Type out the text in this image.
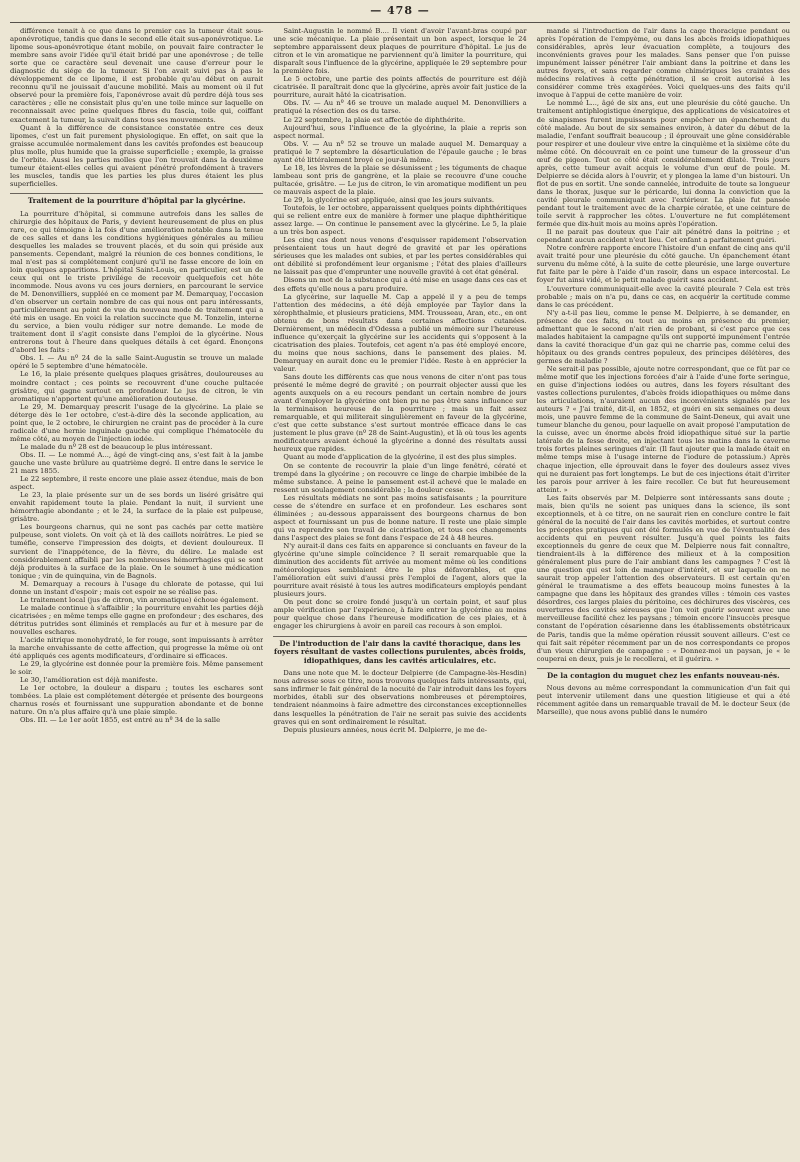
— 478 —

différence tenait à ce que dans le premier cas la tumeur était sous-aponévrotique, tandis que dans le second elle était sus-aponévrotique. Le lipome sous-aponévrotique étant mobile, on pouvait faire contracter le membre sans avoir l'idée qu'il était bridé par une aponévrose ; de telle sorte que ce caractère seul devenait une cause d'erreur pour le diagnostic du siége de la tumeur. Si l'on avait suivi pas à pas le développement de ce lipome, il est probable qu'au début on aurait reconnu qu'il ne jouissait d'aucune mobilité. Mais au moment où il fut observé pour la première fois, l'aponévrose avait dû perdre déjà tous ses caractères ; elle ne consistait plus qu'en une toile mince sur laquelle on reconnaissait avec peine quelques fibres du fascia, toile qui, coiffant exactement la tumeur, la suivait dans tous ses mouvements.

Quant à la différence de consistance constatée entre ces deux lipomes, c'est un fait purement physiologique. En effet, on sait que la graisse accumulée normalement dans les cavités profondes est beaucoup plus molle, plus humide que la graisse superficielle ; exemple, la graisse de l'orbite. Aussi les parties molles que l'on trouvait dans la deuxième tumeur étaient-elles celles qui avaient pénétré profondément à travers les muscles, tandis que les parties les plus dures étaient les plus superficielles.

Traitement de la pourriture d'hôpital par la glycérine.

La pourriture d'hôpital, si commune autrefois dans les salles de chirurgie des hôpitaux de Paris, y devient heureusement de plus en plus rare, ce qui témoigne à la fois d'une amélioration notable dans la tenue de ces salles et dans les conditions hygiéniques générales au milieu desquelles les malades se trouvent placés, et du soin qui préside aux pansements. Cependant, malgré la réunion de ces bonnes conditions, le mal n'est pas si complétement conjuré qu'il ne fasse encore de loin en loin quelques apparitions. L'hôpital Saint-Louis, en particulier, est un de ceux qui ont le triste privilége de recevoir quelquefois cet hôte incommode. Nous avons vu ces jours derniers, en parcourant le service de M. Denonvilliers, suppléé en ce moment par M. Demarquay, l'occasion d'en observer un certain nombre de cas qui nous ont paru intéressants, particulièrement au point de vue du nouveau mode de traitement qui a été mis en usage. En voici la relation succincte que M. Tonzelin, interne du service, a bien voulu rédiger sur notre demande. Le mode de traitement dont il s'agit consiste dans l'emploi de la glycérine. Nous entrerons tout à l'heure dans quelques détails à cet égard. Énonçons d'abord les faits :

Obs. I. — Au nº 24 de la salle Saint-Augustin se trouve un malade opéré le 5 septembre d'une hématocèle.

Le 16, la plaie présente quelques plaques grisâtres, douloureuses au moindre contact ; ces points se recouvrent d'une couche pultacée grisâtre, qui gagne surtout en profondeur. Le jus de citron, le vin aromatique n'apportent qu'une amélioration douteuse.

Le 29, M. Demarquay prescrit l'usage de la glycérine. La plaie se déterge dès le 1er octobre, c'est-à-dire dès la seconde application, au point que, le 2 octobre, le chirurgien ne craint pas de procéder à la cure radicale d'une hernie inguinale gauche qui complique l'hématocèle du même côté, au moyen de l'injection iodée.

Le malade du nº 28 est de beaucoup le plus intéressant.

Obs. II. — Le nommé A..., âgé de vingt-cinq ans, s'est fait à la jambe gauche une vaste brûlure au quatrième degré. Il entre dans le service le 21 mars 1855.

Le 22 septembre, il reste encore une plaie assez étendue, mais de bon aspect.

Le 23, la plaie présente sur un de ses bords un liséré grisâtre qui envahit rapidement toute la plaie. Pendant la nuit, il survient une hémorrhagie abondante ; et le 24, la surface de la plaie est pulpeuse, grisâtre.

Les bourgeons charnus, qui ne sont pas cachés par cette matière pulpeuse, sont violets. On voit çà et là des caillots noirâtres. Le pied se tuméfie, conserve l'impression des doigts, et devient douloureux. Il survient de l'inappétence, de la fièvre, du délire. Le malade est considérablement affaibli par les nombreuses hémorrhagies qui se sont déjà produites à la surface de la plaie. On le soumet à une médication tonique ; vin de quinquina, vin de Bagnols.

M. Demarquay a recours à l'usage du chlorate de potasse, qui lui donne un instant d'espoir ; mais cet espoir ne se réalise pas.

Le traitement local (jus de citron, vin aromatique) échoue également.

Le malade continue à s'affaiblir ; la pourriture envahit les parties déjà cicatrisées ; en même temps elle gagne en profondeur ; des eschares, des détritus putrides sont éliminés et remplacés au fur et à mesure par de nouvelles eschares.

L'acide nitrique monohydraté, le fer rouge, sont impuissants à arrêter la marche envahissante de cette affection, qui progresse la même où ont été appliqués ces agents modificateurs, d'ordinaire si efficaces.

Le 29, la glycérine est donnée pour la première fois. Même pansement le soir.

Le 30, l'amélioration est déjà manifeste.

Le 1er octobre, la douleur a disparu ; toutes les eschares sont tombées. La plaie est complétement détergée et présente des bourgeons charnus rosés et fournissant une suppuration abondante et de bonne nature. On n'a plus affaire qu'à une plaie simple.

Obs. III. — Le 1er août 1855, est entré au nº 34 de la salle

Saint-Augustin le nommé B.... Il vient d'avoir l'avant-bras coupé par une scie mécanique. La plaie présentait un bon aspect, lorsque le 24 septembre apparaissent deux plaques de pourriture d'hôpital. Le jus de citron et le vin aromatique ne parviennent qu'à limiter la pourriture, qui disparaît sous l'influence de la glycérine, appliquée le 29 septembre pour la première fois.

Le 5 octobre, une partie des points affectés de pourriture est déjà cicatrisée. Il paraîtrait donc que la glycérine, après avoir fait justice de la pourriture, aurait hâté la cicatrisation.

Obs. IV. — Au nº 46 se trouve un malade auquel M. Denonvilliers a pratiqué la résection des os du tarse.

Le 22 septembre, la plaie est affectée de diphthérite.

Aujourd'hui, sous l'influence de la glycérine, la plaie a repris son aspect normal.

Obs. V. — Au nº 52 se trouve un malade auquel M. Demarquay a pratiqué le 7 septembre la désarticulation de l'épaule gauche ; le bras ayant été littéralement broyé ce jour-là même.

Le 18, les lèvres de la plaie se désunissent ; les téguments de chaque lambeau sont pris de gangrène, et la plaie se recouvre d'une couche pultacée, grisâtre. — Le jus de citron, le vin aromatique modifient un peu ce mauvais aspect de la plaie.

Le 29, la glycérine est appliquée, ainsi que les jours suivants.

Toutefois, le 1er octobre, apparaissent quelques points diphthéritiques qui se relient entre eux de manière à former une plaque diphthéritique assez large. — On continue le pansement avec la glycérine. Le 5, la plaie a un très bon aspect.

Les cinq cas dont nous venons d'esquisser rapidement l'observation présentaient tous un haut degré de gravité et par les opérations sérieuses que les malades ont subies, et par les pertes considérables qui ont débilité si profondément leur organisme ; l'état des plaies d'ailleurs ne laissait pas que d'emprunter une nouvelle gravité à cet état général.

Disons un mot de la substance qui a été mise en usage dans ces cas et des effets qu'elle nous a paru produire.

La glycérine, sur laquelle M. Cap a appelé il y a peu de temps l'attention des médecins, a été déjà employée par Taylor dans la xérophthalmie, et plusieurs praticiens, MM. Trousseau, Aran, etc., en ont obtenu de bons résultats dans certaines affections cutanées. Dernièrement, un médecin d'Odessa a publié un mémoire sur l'heureuse influence qu'exerçait la glycérine sur les accidents qui s'opposent à la cicatrisation des plaies. Toutefois, cet agent n'a pas été employé encore, du moins que nous sachions, dans le pansement des plaies. M. Demarquay en aurait donc eu le premier l'idée. Reste à en apprécier la valeur.

Sans doute les différents cas que nous venons de citer n'ont pas tous présenté le même degré de gravité ; on pourrait objecter aussi que les agents auxquels on a eu recours pendant un certain nombre de jours avant d'employer la glycérine ont bien pu ne pas être sans influence sur la terminaison heureuse de la pourriture ; mais un fait assez remarquable, et qui militerait singulièrement en faveur de la glycérine, c'est que cette substance s'est surtout montrée efficace dans le cas justement le plus grave (nº 28 de Saint-Augustin), et là où tous les agents modificateurs avaient échoué la glycérine a donné des résultats aussi heureux que rapides.

Quant au mode d'application de la glycérine, il est des plus simples.

On se contente de recouvrir la plaie d'un linge fenêtré, cératé et trempé dans la glycérine ; on recouvre ce linge de charpie imbibée de la même substance. A peine le pansement est-il achevé que le malade en ressent un soulagement considérable ; la douleur cesse.

Les résultats médiats ne sont pas moins satisfaisants ; la pourriture cesse de s'étendre en surface et en profondeur. Les eschares sont éliminées ; au-dessous apparaissent des bourgeons charnus de bon aspect et fournissant un pus de bonne nature. Il reste une plaie simple qui va reprendre son travail de cicatrisation, et tous ces changements dans l'aspect des plaies se font dans l'espace de 24 à 48 heures.

N'y aurait-il dans ces faits en apparence si concluants en faveur de la glycérine qu'une simple coïncidence ? Il serait remarquable que la diminution des accidents fût arrivée au moment même où les conditions météorologiques semblaient être le plus défavorables, et que l'amélioration eût suivi d'aussi près l'emploi de l'agent, alors que la pourriture avait résisté à tous les autres modificateurs employés pendant plusieurs jours.

On peut donc se croire fondé jusqu'à un certain point, et sauf plus ample vérification par l'expérience, à faire entrer la glycérine au moins pour quelque chose dans l'heureuse modification de ces plaies, et à engager les chirurgiens à avoir en pareil cas recours à son emploi.

De l'introduction de l'air dans la cavité thoracique, dans les foyers résultant de vastes collections purulentes, abcès froids, idiopathiques, dans les cavités articulaires, etc.

Dans une note que M. le docteur Delpierre (de Campagne-lès-Hesdin) nous adresse sous ce titre, nous trouvons quelques faits intéressants, qui, sans infirmer le fait général de la nocuité de l'air introduit dans les foyers morbides, établi sur des observations nombreuses et péremptoires, tendraient néanmoins à faire admettre des circonstances exceptionnelles dans lesquelles la pénétration de l'air ne serait pas suivie des accidents graves qui en sont ordinairement le résultat.

Depuis plusieurs années, nous écrit M. Delpierre, je me de-

mande si l'introduction de l'air dans la cage thoracique pendant ou après l'opération de l'empyème, ou dans les abcès froids idiopathiques considérables, après leur évacuation complète, a toujours des inconvénients graves pour les malades. Sans penser que l'on puisse impunément laisser pénétrer l'air ambiant dans la poitrine et dans les autres foyers, et sans regarder comme chimériques les craintes des médecins relatives à cette pénétration, il se croit autorisé à les considérer comme très exagérées. Voici quelques-uns des faits qu'il invoque à l'appui de cette manière de voir.

Le nommé L..., âgé de six ans, eut une pleurésie du côté gauche. Un traitement antiphlogistique énergique, des applications de vésicatoires et de sinapismes furent impuissants pour empêcher un épanchement du côté malade. Au bout de six semaines environ, à dater du début de la maladie, l'enfant souffrait beaucoup ; il éprouvait une gêne considérable pour respirer et une douleur vive entre la cinquième et la sixième côte du même côté. On découvrait en ce point une tumeur de la grosseur d'un œuf de pigeon. Tout ce côté était considérablement dilaté. Trois jours après, cette tumeur avait acquis le volume d'un œuf de poule. M. Delpierre se décida alors à l'ouvrir, et y plongea la lame d'un bistouri. Un flot de pus en sortit. Une sonde cannelée, introduite de toute sa longueur dans le thorax, jusque sur le péricarde, lui donna la conviction que la cavité pleurale communiquait avec l'extérieur. La plaie fut pansée pendant tout le traitement avec de la charpie cératée, et une ceinture de toile servit à rapprocher les côtes. L'ouverture ne fut complétement fermée que dix-huit mois au moins après l'opération.

Il ne parait pas douteux que l'air ait pénétré dans la poitrine ; et cependant aucun accident n'eut lieu. Cet enfant a parfaitement guéri.

Notre confrère rapporte encore l'histoire d'un enfant de cinq ans qu'il avait traité pour une pleurésie du côté gauche. Un épanchement étant survenu du même côté, à la suite de cette pleurésie, une large ouverture fut faite par le père à l'aide d'un rasoir, dans un espace intercostal. Le foyer fut ainsi vidé, et le petit malade guérit sans accident.

L'ouverture communiquait-elle avec la cavité pleurale ? Cela est très probable ; mais on n'a pu, dans ce cas, en acquérir la certitude comme dans le cas précédent.

N'y a-t-il pas lieu, comme le pense M. Delpierre, à se demander, en présence de ces faits, ou tout au moins en présence du premier, admettant que le second n'ait rien de probant, si c'est parce que ces malades habitaient la campagne qu'ils ont supporté impunément l'entrée dans la cavité thoracique d'un gaz qui ne charrie pas, comme celui des hôpitaux ou des grands centres populeux, des principes délétères, des germes de maladie ?

Ne serait-il pas possible, ajoute notre correspondant, que ce fût par ce même motif que les injections forcées d'air à l'aide d'une forte seringue, en guise d'injections iodées ou autres, dans les foyers résultant des vastes collections purulentes, d'abcès froids idiopathiques ou même dans les articulations, n'auraient aucun des inconvénients signalés par les auteurs ? « J'ai traité, dit-il, en 1852, et guéri en six semaines ou deux mois, une pauvre femme de la commune de Saint-Deneux, qui avait une tumeur blanche du genou, pour laquelle on avait proposé l'amputation de la cuisse, avec un énorme abcès froid idiopathique situé sur la partie latérale de la fesse droite, en injectant tous les matins dans la caverne trois fortes pleines seringues d'air. (Il faut ajouter que la malade était en même temps mise à l'usage interne de l'iodure de potassium.) Après chaque injection, elle éprouvait dans le foyer des douleurs assez vives qui ne duraient pas fort longtemps. Le but de ces injections était d'irriter les parois pour arriver à les faire recoller. Ce but fut heureusement atteint. »

Les faits observés par M. Delpierre sont intéressants sans doute ; mais, bien qu'ils ne soient pas uniques dans la science, ils sont exceptionnels, et à ce titre, on ne saurait rien en conclure contre le fait général de la nocuité de l'air dans les cavités morbides, et surtout contre les préceptes pratiques qui ont été formulés en vue de l'éventualité des accidents qui en peuvent résulter. Jusqu'à quel points les faits exceptionnels du genre de ceux que M. Delpierre nous fait connaître, tiendraient-ils à la différence des milieux et à la composition généralement plus pure de l'air ambiant dans les campagnes ? C'est là une question qui est loin de manquer d'intérêt, et sur laquelle on ne saurait trop appeler l'attention des observateurs. Il est certain qu'en général le traumatisme a des effets beaucoup moins funestes à la campagne que dans les hôpitaux des grandes villes : témoin ces vastes désordres, ces larges plaies du péritoine, ces déchirures des viscères, ces ouvertures des cavités séreuses que l'on voit guérir souvent avec une merveilleuse facilité chez les paysans ; témoin encore l'insuccès presque constant de l'opération césarienne dans les établissements obstétricaux de Paris, tandis que la même opération réussit souvent ailleurs. C'est ce qui fait sait répéter récemment par un de nos correspondants ce propos d'un vieux chirurgien de campagne : « Donnez-moi un paysan, je « le couperai en deux, puis je le recollerai, et il guérira. »

De la contagion du muguet chez les enfants nouveau-nés.

Nous devons au même correspondant la communication d'un fait qui peut intervenir utilement dans une question litigieuse et qui a été récemment agitée dans un remarquable travail de M. le docteur Seux (de Marseille), que nous avons publié dans le numéro
